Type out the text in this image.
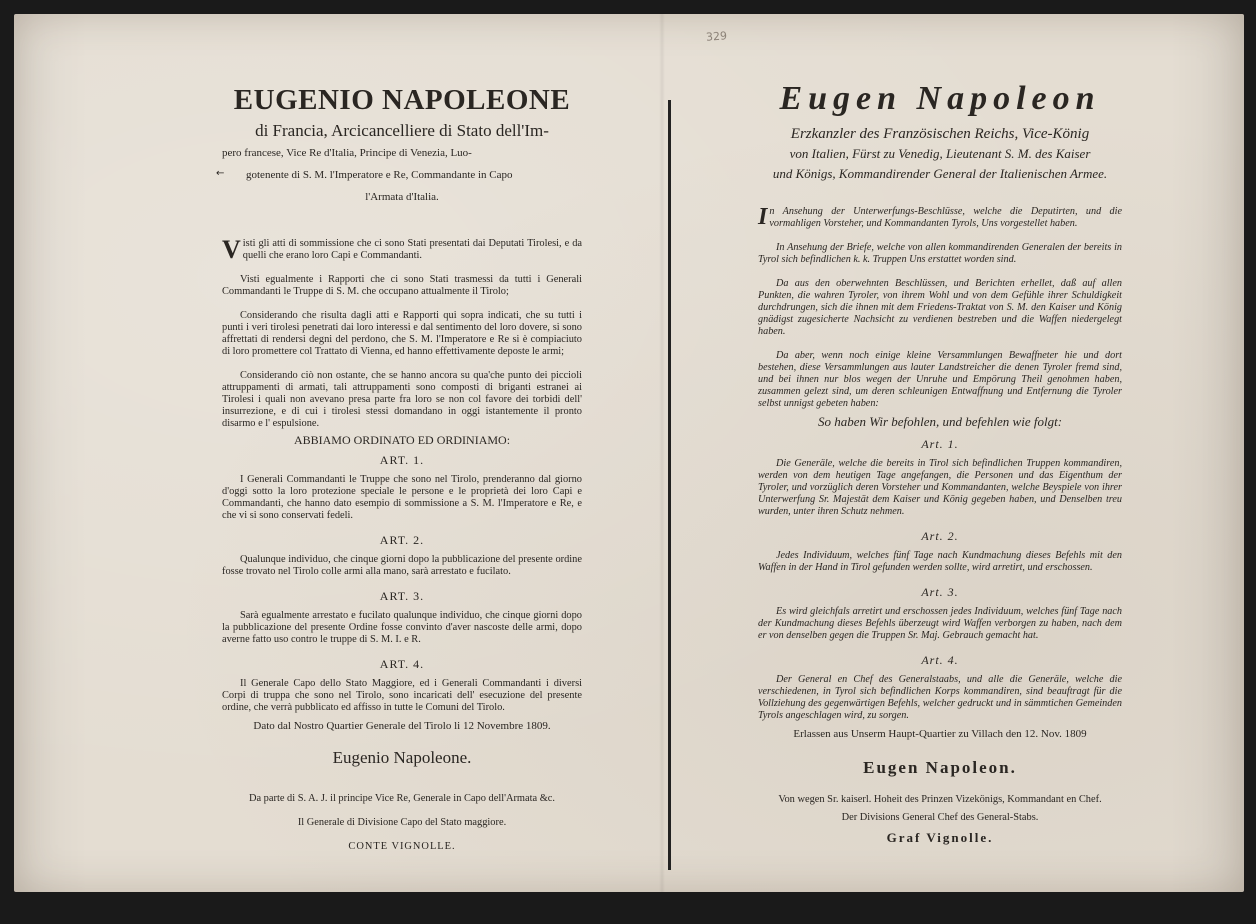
329
←
EUGENIO NAPOLEONE
di Francia, Arcicancelliere di Stato dell'Im-
pero francese, Vice Re d'Italia, Principe di Venezia, Luo-
gotenente di S. M. l'Imperatore e Re, Commandante in Capo
l'Armata d'Italia.

Visti gli atti di sommissione che ci sono Stati presentati dai Deputati Tirolesi, e da quelli che erano loro Capi e Commandanti.

Visti egualmente i Rapporti che ci sono Stati trasmessi da tutti i Generali Commandanti le Truppe di S. M. che occupano attualmente il Tirolo;

Considerando che risulta dagli atti e Rapporti qui sopra indicati, che su tutti i punti i veri tirolesi penetrati dai loro interessi e dal sentimento del loro dovere, si sono affrettati di rendersi degni del perdono, che S. M. l'Imperatore e Re si è compiaciuto di loro promettere col Trattato di Vienna, ed hanno effettivamente deposte le armi;

Considerando ciò non ostante, che se hanno ancora su qua'che punto dei piccioli attruppamenti di armati, tali attruppamenti sono composti di briganti estranei ai Tirolesi i quali non avevano presa parte fra loro se non col favore dei torbidi dell' insurrezione, e di cui i tirolesi stessi domandano in oggi istantemente il pronto disarmo e l' espulsione.

ABBIAMO ORDINATO ED ORDINIAMO:
ART. 1.

I Generali Commandanti le Truppe che sono nel Tirolo, prenderanno dal giorno d'oggi sotto la loro protezione speciale le persone e le proprietà dei loro Capi e Commandanti, che hanno dato esempio di sommissione a S. M. l'Imperatore e Re, e che vi si sono conservati fedeli.

ART. 2.

Qualunque individuo, che cinque giorni dopo la pubblicazione del presente ordine fosse trovato nel Tirolo colle armi alla mano, sarà arrestato e fucilato.

ART. 3.

Sarà egualmente arrestato e fucilato qualunque individuo, che cinque giorni dopo la pubblicazione del presente Ordine fosse convinto d'aver nascoste delle armi, dopo averne fatto uso contro le truppe di S. M. I. e R.

ART. 4.

Il Generale Capo dello Stato Maggiore, ed i Generali Commandanti i diversi Corpi di truppa che sono nel Tirolo, sono incaricati dell' esecuzione del presente ordine, che verrà pubblicato ed affisso in tutte le Comuni del Tirolo.

Dato dal Nostro Quartier Generale del Tirolo li 12 Novembre 1809.
Eugenio Napoleone.
Da parte di S. A. J. il principe Vice Re, Generale in Capo dell'Armata &c.
Il Generale di Divisione Capo del Stato maggiore.
CONTE VIGNOLLE.
Eugen Napoleon
Erzkanzler des Französischen Reichs, Vice-König
von Italien, Fürst zu Venedig, Lieutenant S. M. des Kaiser
und Königs, Kommandirender General der Italienischen Armee.

In Ansehung der Unterwerfungs-Beschlüsse, welche die Deputirten, und die vormahligen Vorsteher, und Kommandanten Tyrols, Uns vorgestellet haben.

In Ansehung der Briefe, welche von allen kommandirenden Generalen der bereits in Tyrol sich befindlichen k. k. Truppen Uns erstattet worden sind.

Da aus den oberwehnten Beschlüssen, und Berichten erhellet, daß auf allen Punkten, die wahren Tyroler, von ihrem Wohl und von dem Gefühle ihrer Schuldigkeit durchdrungen, sich die ihnen mit dem Friedens-Traktat von S. M. den Kaiser und König gnädigst zugesicherte Nachsicht zu verdienen bestreben und die Waffen niedergelegt haben.

Da aber, wenn noch einige kleine Versammlungen Bewaffneter hie und dort bestehen, diese Versammlungen aus lauter Landstreicher die denen Tyroler fremd sind, und bei ihnen nur blos wegen der Unruhe und Empörung Theil genohmen haben, zusammen gelezt sind, um deren schleunigen Entwaffnung und Entfernung die Tyroler selbst unnigst gebeten haben:

So haben Wir befohlen, und befehlen wie folgt:
Art. 1.

Die Generäle, welche die bereits in Tirol sich befindlichen Truppen kommandiren, werden von dem heutigen Tage angefangen, die Personen und das Eigenthum der Tyroler, und vorzüglich deren Vorsteher und Kommandanten, welche Beyspiele von ihrer Unterwerfung Sr. Majestät dem Kaiser und König gegeben haben, und Denselben treu wurden, unter ihren Schutz nehmen.

Art. 2.

Jedes Individuum, welches fünf Tage nach Kundmachung dieses Befehls mit den Waffen in der Hand in Tirol gefunden werden sollte, wird arretirt, und erschossen.

Art. 3.

Es wird gleichfals arretirt und erschossen jedes Individuum, welches fünf Tage nach der Kundmachung dieses Befehls überzeugt wird Waffen verborgen zu haben, nach dem er von denselben gegen die Truppen Sr. Maj. Gebrauch gemacht hat.

Art. 4.

Der General en Chef des Generalstaabs, und alle die Generäle, welche die verschiedenen, in Tyrol sich befindlichen Korps kommandiren, sind beauftragt für die Vollziehung des gegenwärtigen Befehls, welcher gedruckt und in sämmtichen Gemeinden Tyrols angeschlagen wird, zu sorgen.

Erlassen aus Unserm Haupt-Quartier zu Villach den 12. Nov. 1809
Eugen Napoleon.
Von wegen Sr. kaiserl. Hoheit des Prinzen Vizekönigs, Kommandant en Chef.
Der Divisions General Chef des General-Stabs.
Graf Vignolle.
